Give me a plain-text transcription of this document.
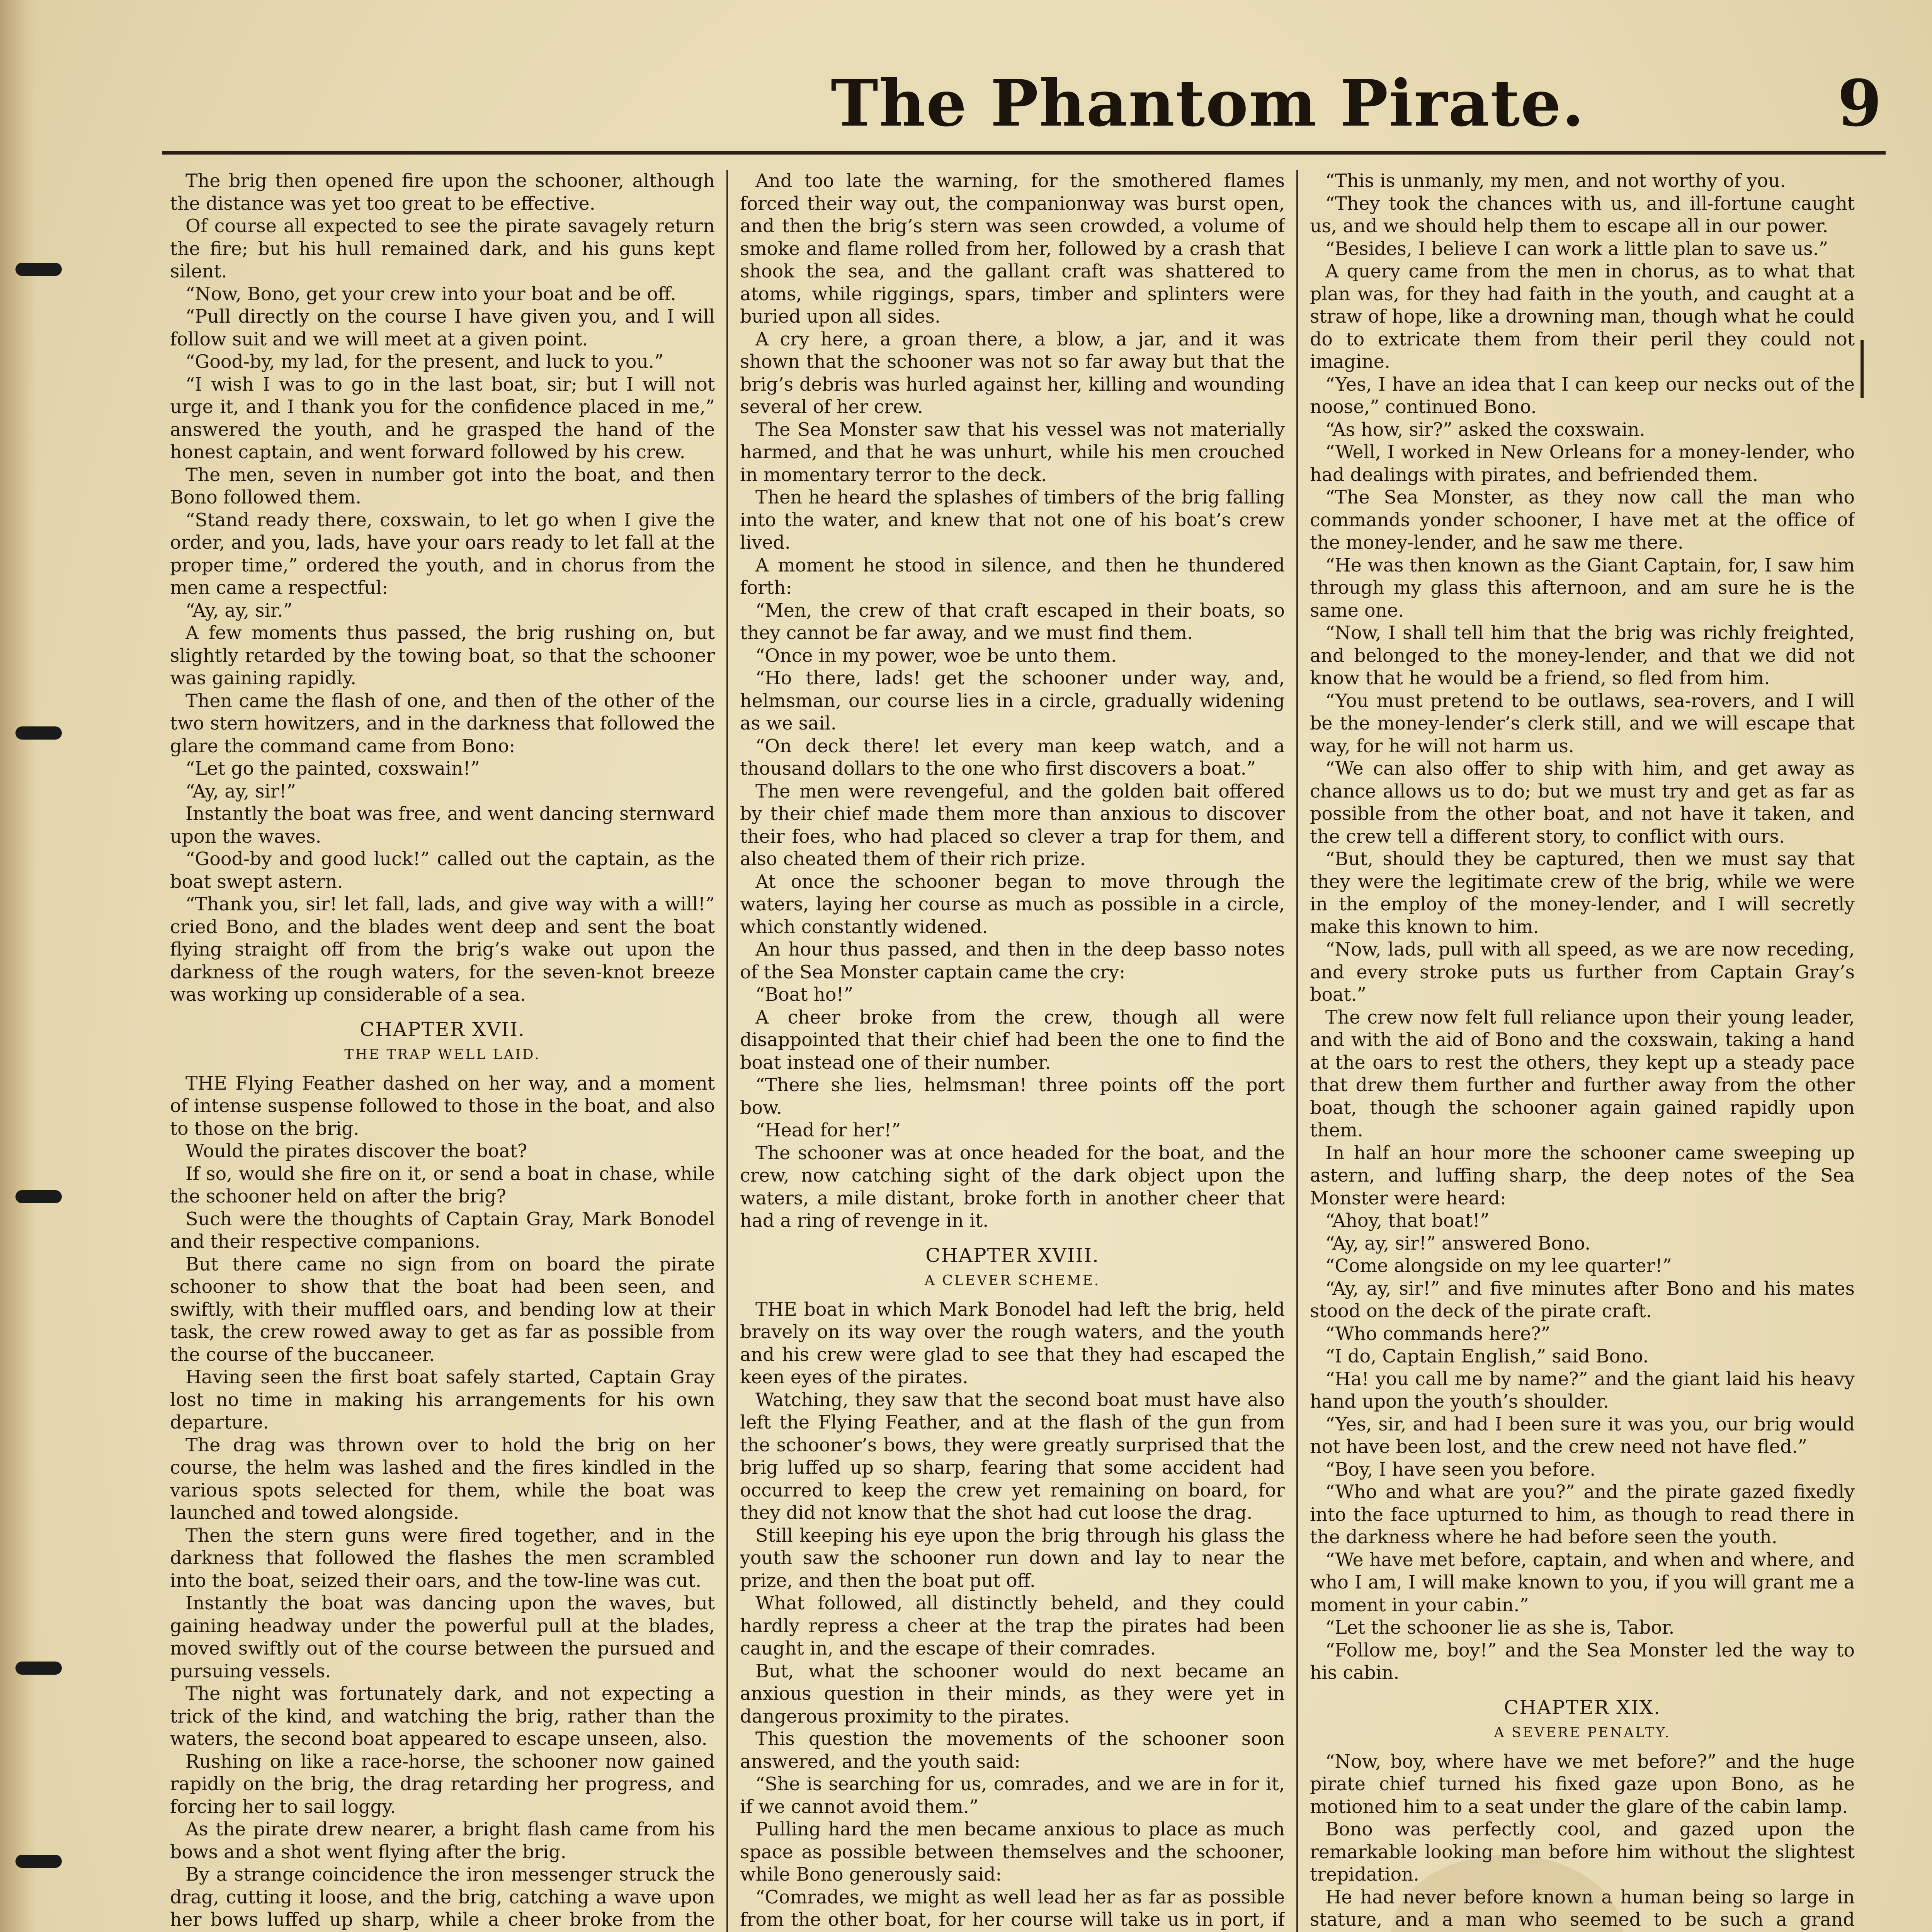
The Phantom Pirate.	9

The brig then opened fire upon the schooner, although the distance was yet too great to be effective.

Of course all expected to see the pirate savagely return the fire; but his hull remained dark, and his guns kept silent.

“Now, Bono, get your crew into your boat and be off.

“Pull directly on the course I have given you, and I will follow suit and we will meet at a given point.

“Good-by, my lad, for the present, and luck to you.”

“I wish I was to go in the last boat, sir; but I will not urge it, and I thank you for the confidence placed in me,” answered the youth, and he grasped the hand of the honest captain, and went forward followed by his crew.

The men, seven in number got into the boat, and then Bono followed them.

“Stand ready there, coxswain, to let go when I give the order, and you, lads, have your oars ready to let fall at the proper time,” ordered the youth, and in chorus from the men came a respectful:

“Ay, ay, sir.”

A few moments thus passed, the brig rushing on, but slightly retarded by the towing boat, so that the schooner was gaining rapidly.

Then came the flash of one, and then of the other of the two stern howitzers, and in the darkness that followed the glare the command came from Bono:

“Let go the painted, coxswain!”

“Ay, ay, sir!”

Instantly the boat was free, and went dancing sternward upon the waves.

“Good-by and good luck!” called out the captain, as the boat swept astern.

“Thank you, sir! let fall, lads, and give way with a will!” cried Bono, and the blades went deep and sent the boat flying straight off from the brig’s wake out upon the darkness of the rough waters, for the seven-knot breeze was working up considerable of a sea.

CHAPTER XVII.
THE TRAP WELL LAID.

THE Flying Feather dashed on her way, and a moment of intense suspense followed to those in the boat, and also to those on the brig.

Would the pirates discover the boat?

If so, would she fire on it, or send a boat in chase, while the schooner held on after the brig?

Such were the thoughts of Captain Gray, Mark Bonodel and their respective companions.

But there came no sign from on board the pirate schooner to show that the boat had been seen, and swiftly, with their muffled oars, and bending low at their task, the crew rowed away to get as far as possible from the course of the buccaneer.

Having seen the first boat safely started, Captain Gray lost no time in making his arrangements for his own departure.

The drag was thrown over to hold the brig on her course, the helm was lashed and the fires kindled in the various spots selected for them, while the boat was launched and towed alongside.

Then the stern guns were fired together, and in the darkness that followed the flashes the men scrambled into the boat, seized their oars, and the tow-line was cut.

Instantly the boat was dancing upon the waves, but gaining headway under the powerful pull at the blades, moved swiftly out of the course between the pursued and pursuing vessels.

The night was fortunately dark, and not expecting a trick of the kind, and watching the brig, rather than the waters, the second boat appeared to escape unseen, also.

Rushing on like a race-horse, the schooner now gained rapidly on the brig, the drag retarding her progress, and forcing her to sail loggy.

As the pirate drew nearer, a bright flash came from his bows and a shot went flying after the brig.

By a strange coincidence the iron messenger struck the drag, cutting it loose, and the brig, catching a wave upon her bows luffed up sharp, while a cheer broke from the

And too late the warning, for the smothered flames forced their way out, the companionway was burst open, and then the brig’s stern was seen crowded, a volume of smoke and flame rolled from her, followed by a crash that shook the sea, and the gallant craft was shattered to atoms, while riggings, spars, timber and splinters were buried upon all sides.

A cry here, a groan there, a blow, a jar, and it was shown that the schooner was not so far away but that the brig’s debris was hurled against her, killing and wounding several of her crew.

The Sea Monster saw that his vessel was not materially harmed, and that he was unhurt, while his men crouched in momentary terror to the deck.

Then he heard the splashes of timbers of the brig falling into the water, and knew that not one of his boat’s crew lived.

A moment he stood in silence, and then he thundered forth:

“Men, the crew of that craft escaped in their boats, so they cannot be far away, and we must find them.

“Once in my power, woe be unto them.

“Ho there, lads! get the schooner under way, and, helmsman, our course lies in a circle, gradually widening as we sail.

“On deck there! let every man keep watch, and a thousand dollars to the one who first discovers a boat.”

The men were revengeful, and the golden bait offered by their chief made them more than anxious to discover their foes, who had placed so clever a trap for them, and also cheated them of their rich prize.

At once the schooner began to move through the waters, laying her course as much as possible in a circle, which constantly widened.

An hour thus passed, and then in the deep basso notes of the Sea Monster captain came the cry:

“Boat ho!”

A cheer broke from the crew, though all were disappointed that their chief had been the one to find the boat instead one of their number.

“There she lies, helmsman! three points off the port bow.

“Head for her!”

The schooner was at once headed for the boat, and the crew, now catching sight of the dark object upon the waters, a mile distant, broke forth in another cheer that had a ring of revenge in it.

CHAPTER XVIII.
A CLEVER SCHEME.

THE boat in which Mark Bonodel had left the brig, held bravely on its way over the rough waters, and the youth and his crew were glad to see that they had escaped the keen eyes of the pirates.

Watching, they saw that the second boat must have also left the Flying Feather, and at the flash of the gun from the schooner’s bows, they were greatly surprised that the brig luffed up so sharp, fearing that some accident had occurred to keep the crew yet remaining on board, for they did not know that the shot had cut loose the drag.

Still keeping his eye upon the brig through his glass the youth saw the schooner run down and lay to near the prize, and then the boat put off.

What followed, all distinctly beheld, and they could hardly repress a cheer at the trap the pirates had been caught in, and the escape of their comrades.

But, what the schooner would do next became an anxious question in their minds, as they were yet in dangerous proximity to the pirates.

This question the movements of the schooner soon answered, and the youth said:

“She is searching for us, comrades, and we are in for it, if we cannot avoid them.”

Pulling hard the men became anxious to place as much space as possible between themselves and the schooner, while Bono generously said:

“Comrades, we might as well lead her as far as possible from the other boat, for her course will take us in port, if

“This is unmanly, my men, and not worthy of you.

“They took the chances with us, and ill-fortune caught us, and we should help them to escape all in our power.

“Besides, I believe I can work a little plan to save us.”

A query came from the men in chorus, as to what that plan was, for they had faith in the youth, and caught at a straw of hope, like a drowning man, though what he could do to extricate them from their peril they could not imagine.

“Yes, I have an idea that I can keep our necks out of the noose,” continued Bono.

“As how, sir?” asked the coxswain.

“Well, I worked in New Orleans for a money-lender, who had dealings with pirates, and befriended them.

“The Sea Monster, as they now call the man who commands yonder schooner, I have met at the office of the money-lender, and he saw me there.

“He was then known as the Giant Captain, for, I saw him through my glass this afternoon, and am sure he is the same one.

“Now, I shall tell him that the brig was richly freighted, and belonged to the money-lender, and that we did not know that he would be a friend, so fled from him.

“You must pretend to be outlaws, sea-rovers, and I will be the money-lender’s clerk still, and we will escape that way, for he will not harm us.

“We can also offer to ship with him, and get away as chance allows us to do; but we must try and get as far as possible from the other boat, and not have it taken, and the crew tell a different story, to conflict with ours.

“But, should they be captured, then we must say that they were the legitimate crew of the brig, while we were in the employ of the money-lender, and I will secretly make this known to him.

“Now, lads, pull with all speed, as we are now receding, and every stroke puts us further from Captain Gray’s boat.”

The crew now felt full reliance upon their young leader, and with the aid of Bono and the coxswain, taking a hand at the oars to rest the others, they kept up a steady pace that drew them further and further away from the other boat, though the schooner again gained rapidly upon them.

In half an hour more the schooner came sweeping up astern, and luffing sharp, the deep notes of the Sea Monster were heard:

“Ahoy, that boat!”

“Ay, ay, sir!” answered Bono.

“Come alongside on my lee quarter!”

“Ay, ay, sir!” and five minutes after Bono and his mates stood on the deck of the pirate craft.

“Who commands here?”

“I do, Captain English,” said Bono.

“Ha! you call me by name?” and the giant laid his heavy hand upon the youth’s shoulder.

“Yes, sir, and had I been sure it was you, our brig would not have been lost, and the crew need not have fled.”

“Boy, I have seen you before.

“Who and what are you?” and the pirate gazed fixedly into the face upturned to him, as though to read there in the darkness where he had before seen the youth.

“We have met before, captain, and when and where, and who I am, I will make known to you, if you will grant me a moment in your cabin.”

“Let the schooner lie as she is, Tabor.

“Follow me, boy!” and the Sea Monster led the way to his cabin.

CHAPTER XIX.
A SEVERE PENALTY.

“Now, boy, where have we met before?” and the huge pirate chief turned his fixed gaze upon Bono, as he motioned him to a seat under the glare of the cabin lamp.

Bono was perfectly cool, and gazed upon the remarkable looking man before him without the slightest trepidation.

He had never before known a human being so large in stature, and a man who seemed to be such a grand
